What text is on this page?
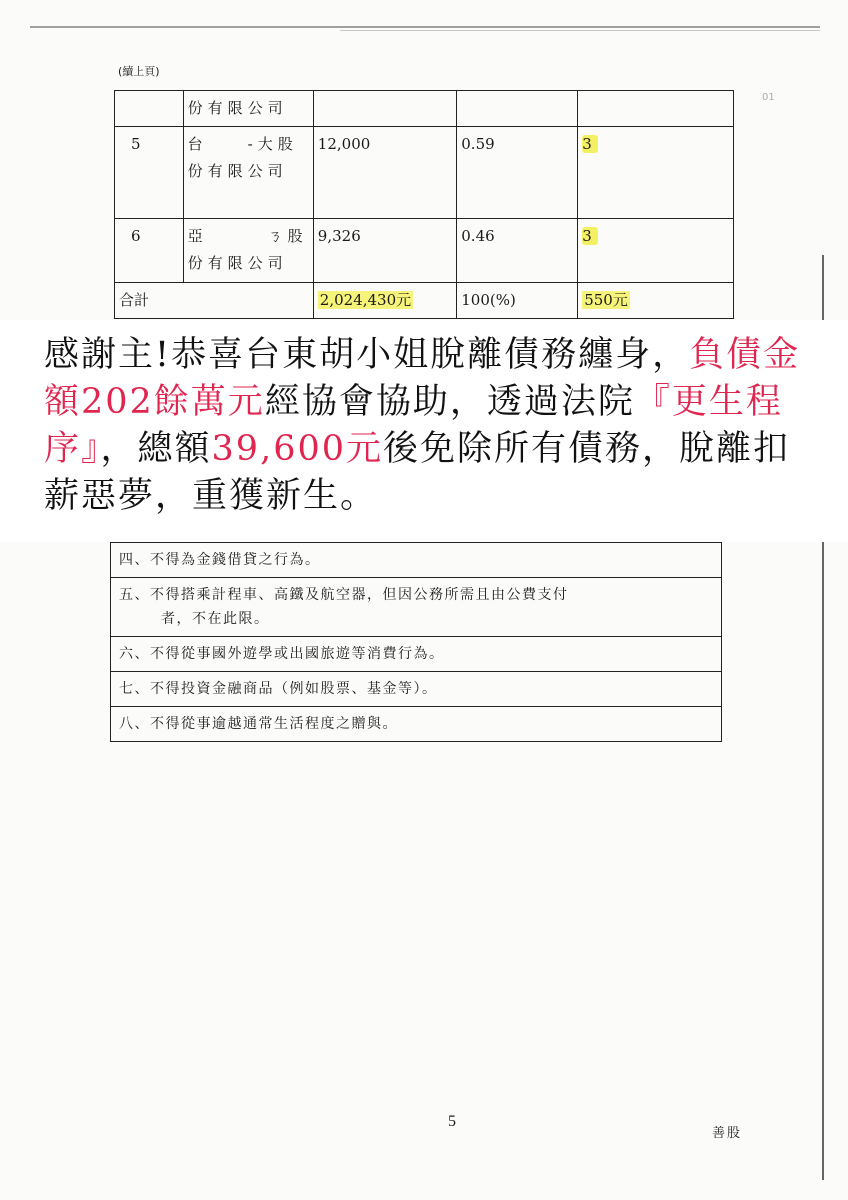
01
(續上頁)
	份有限公司			
5	台　　-大股份有限公司	12,000	0.59	3
6	亞　　　ㄋ股份有限公司	9,326	0.46	3
合計		2,024,430元	100(%)	550元
感謝主!恭喜台東胡小姐脫離債務纏身，負債金額202餘萬元經協會協助，透過法院『更生程序』，總額39,600元後免除所有債務，脫離扣薪惡夢，重獲新生。
四、不得為金錢借貸之行為。
五、不得搭乘計程車、高鐵及航空器，但因公務所需且由公費支付
者，不在此限。

六、不得從事國外遊學或出國旅遊等消費行為。
七、不得投資金融商品（例如股票、基金等）。
八、不得從事逾越通常生活程度之贈與。
5
善股
